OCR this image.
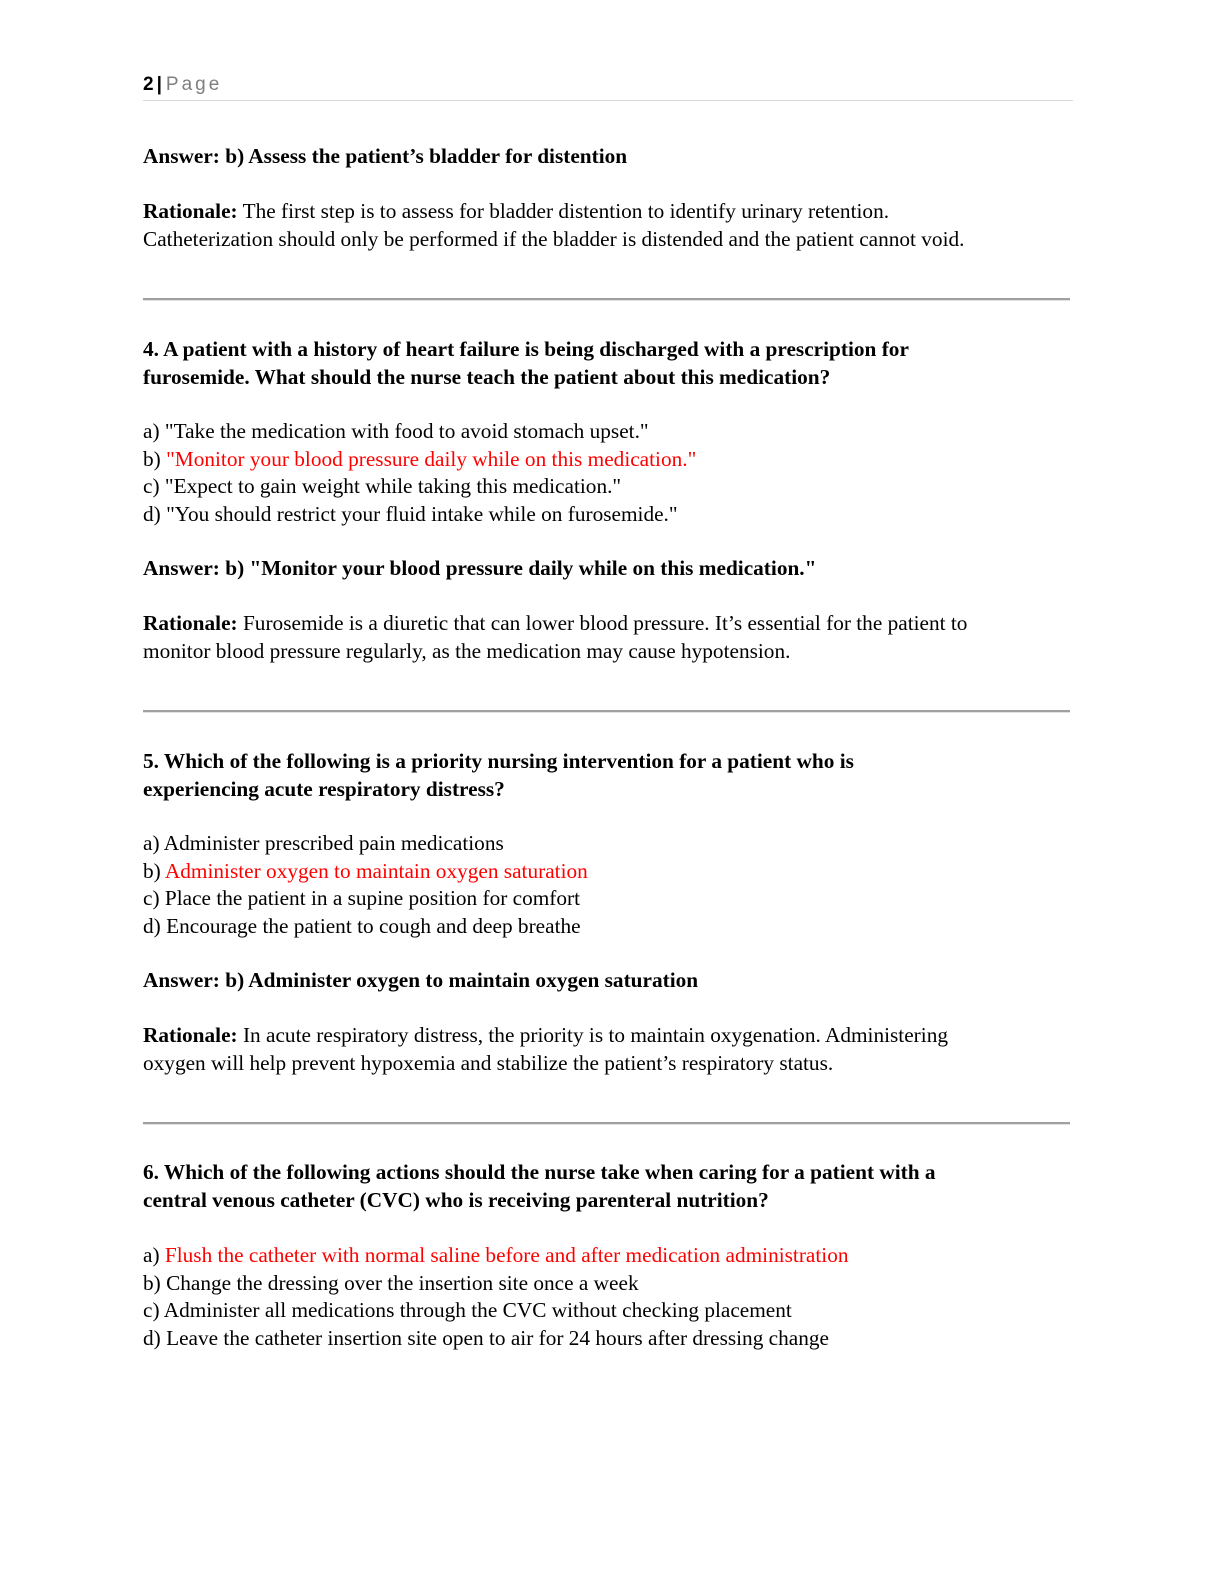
2 | Page
Answer: b) Assess the patient’s bladder for distention
Rationale: The first step is to assess for bladder distention to identify urinary retention.
Catheterization should only be performed if the bladder is distended and the patient cannot void.
4. A patient with a history of heart failure is being discharged with a prescription for
furosemide. What should the nurse teach the patient about this medication?
a) "Take the medication with food to avoid stomach upset."
b) "Monitor your blood pressure daily while on this medication."
c) "Expect to gain weight while taking this medication."
d) "You should restrict your fluid intake while on furosemide."
Answer: b) "Monitor your blood pressure daily while on this medication."
Rationale: Furosemide is a diuretic that can lower blood pressure. It’s essential for the patient to
monitor blood pressure regularly, as the medication may cause hypotension.
5. Which of the following is a priority nursing intervention for a patient who is
experiencing acute respiratory distress?
a) Administer prescribed pain medications
b) Administer oxygen to maintain oxygen saturation
c) Place the patient in a supine position for comfort
d) Encourage the patient to cough and deep breathe
Answer: b) Administer oxygen to maintain oxygen saturation
Rationale: In acute respiratory distress, the priority is to maintain oxygenation. Administering
oxygen will help prevent hypoxemia and stabilize the patient’s respiratory status.
6. Which of the following actions should the nurse take when caring for a patient with a
central venous catheter (CVC) who is receiving parenteral nutrition?
a) Flush the catheter with normal saline before and after medication administration
b) Change the dressing over the insertion site once a week
c) Administer all medications through the CVC without checking placement
d) Leave the catheter insertion site open to air for 24 hours after dressing change
